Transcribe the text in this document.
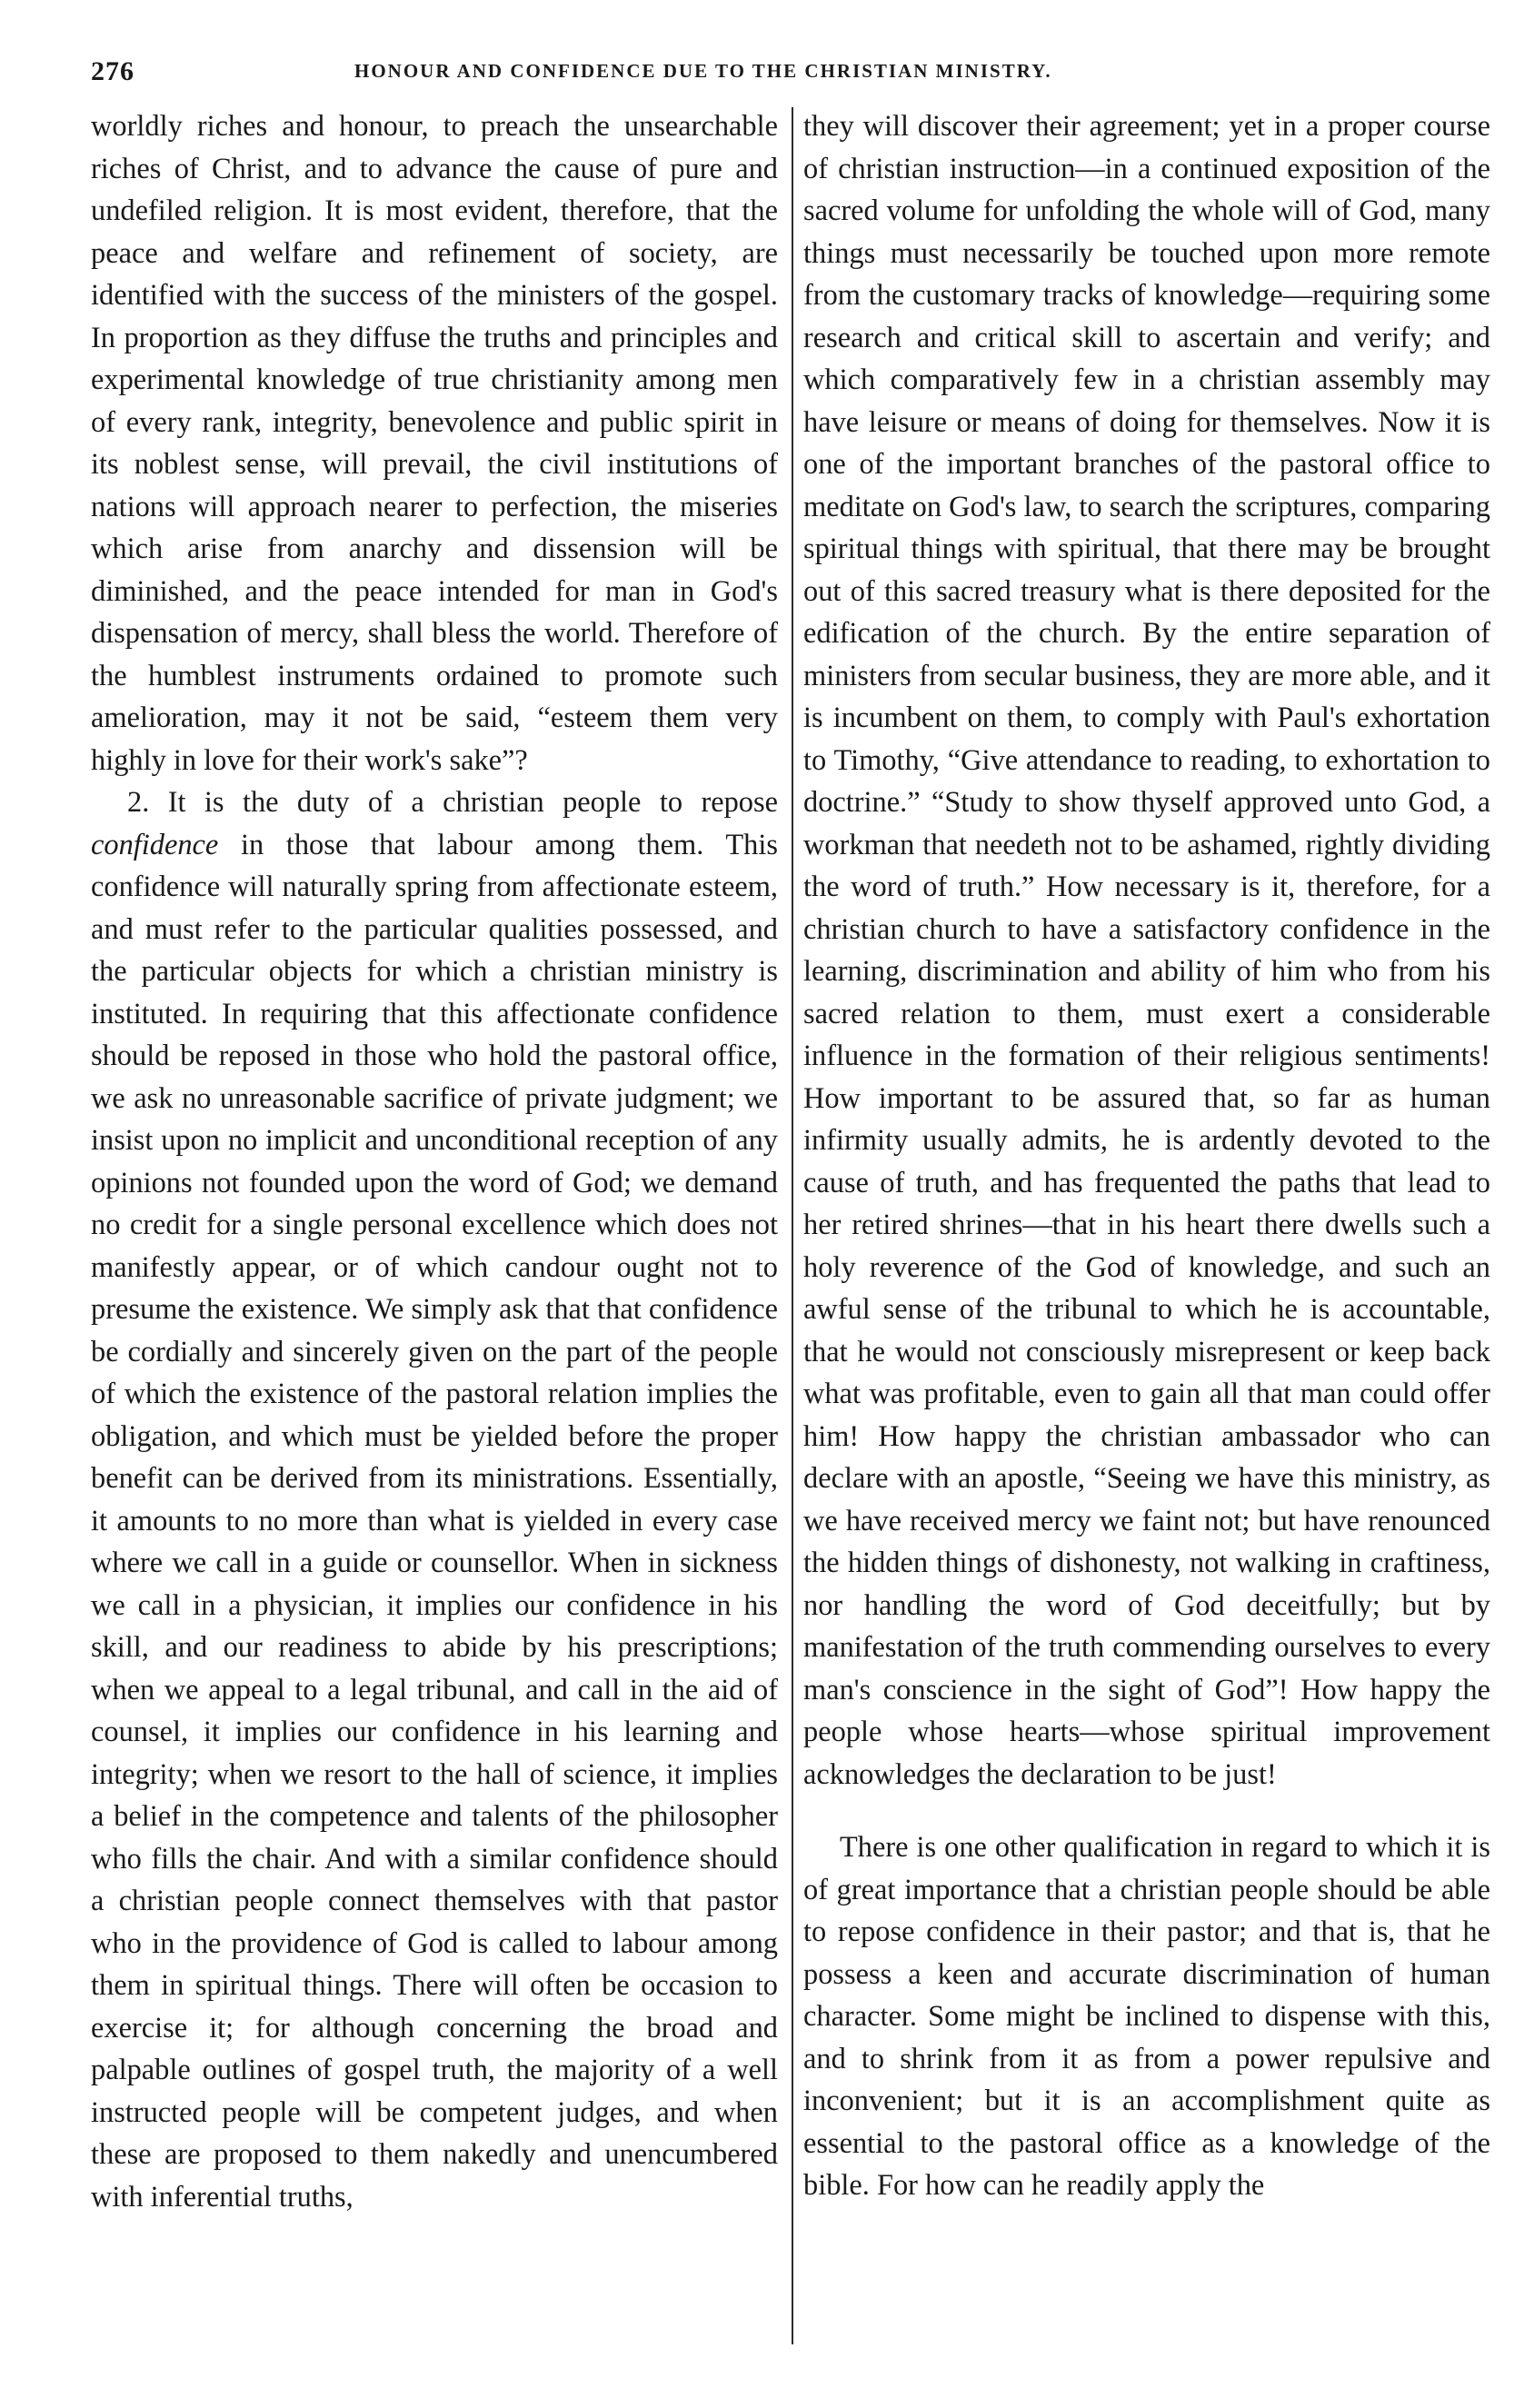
276	HONOUR AND CONFIDENCE DUE TO THE CHRISTIAN MINISTRY.

worldly riches and honour, to preach the unsearchable riches of Christ, and to advance the cause of pure and undefiled religion. It is most evident, therefore, that the peace and welfare and refinement of society, are identified with the success of the ministers of the gospel. In proportion as they diffuse the truths and principles and experimental knowledge of true christianity among men of every rank, integrity, benevolence and public spirit in its noblest sense, will prevail, the civil institutions of nations will approach nearer to perfection, the miseries which arise from anarchy and dissension will be diminished, and the peace intended for man in God's dispensation of mercy, shall bless the world. Therefore of the humblest instruments ordained to promote such amelioration, may it not be said, “esteem them very highly in love for their work's sake”?

2. It is the duty of a christian people to repose confidence in those that labour among them. This confidence will naturally spring from affectionate esteem, and must refer to the particular qualities possessed, and the particular objects for which a christian ministry is instituted. In requiring that this affectionate confidence should be reposed in those who hold the pastoral office, we ask no unreasonable sacrifice of private judgment; we insist upon no implicit and unconditional reception of any opinions not founded upon the word of God; we demand no credit for a single personal excellence which does not manifestly appear, or of which candour ought not to presume the existence. We simply ask that that confidence be cordially and sincerely given on the part of the people of which the existence of the pastoral relation implies the obligation, and which must be yielded before the proper benefit can be derived from its ministrations. Essentially, it amounts to no more than what is yielded in every case where we call in a guide or counsellor. When in sickness we call in a physician, it implies our confidence in his skill, and our readiness to abide by his prescriptions; when we appeal to a legal tribunal, and call in the aid of counsel, it implies our confidence in his learning and integrity; when we resort to the hall of science, it implies a belief in the competence and talents of the philosopher who fills the chair. And with a similar confidence should a christian people connect themselves with that pastor who in the providence of God is called to labour among them in spiritual things. There will often be occasion to exercise it; for although concerning the broad and palpable outlines of gospel truth, the majority of a well instructed people will be competent judges, and when these are proposed to them nakedly and unencumbered with inferential truths,

they will discover their agreement; yet in a proper course of christian instruction—in a continued exposition of the sacred volume for unfolding the whole will of God, many things must necessarily be touched upon more remote from the customary tracks of knowledge—requiring some research and critical skill to ascertain and verify; and which comparatively few in a christian assembly may have leisure or means of doing for themselves. Now it is one of the important branches of the pastoral office to meditate on God's law, to search the scriptures, comparing spiritual things with spiritual, that there may be brought out of this sacred treasury what is there deposited for the edification of the church. By the entire separation of ministers from secular business, they are more able, and it is incumbent on them, to comply with Paul's exhortation to Timothy, “Give attendance to reading, to exhortation to doctrine.” “Study to show thyself approved unto God, a workman that needeth not to be ashamed, rightly dividing the word of truth.” How necessary is it, therefore, for a christian church to have a satisfactory confidence in the learning, discrimination and ability of him who from his sacred relation to them, must exert a considerable influence in the formation of their religious sentiments! How important to be assured that, so far as human infirmity usually admits, he is ardently devoted to the cause of truth, and has frequented the paths that lead to her retired shrines—that in his heart there dwells such a holy reverence of the God of knowledge, and such an awful sense of the tribunal to which he is accountable, that he would not consciously misrepresent or keep back what was profitable, even to gain all that man could offer him! How happy the christian ambassador who can declare with an apostle, “Seeing we have this ministry, as we have received mercy we faint not; but have renounced the hidden things of dishonesty, not walking in craftiness, nor handling the word of God deceitfully; but by manifestation of the truth commending ourselves to every man's conscience in the sight of God”! How happy the people whose hearts—whose spiritual improvement acknowledges the declaration to be just!

There is one other qualification in regard to which it is of great importance that a christian people should be able to repose confidence in their pastor; and that is, that he possess a keen and accurate discrimination of human character. Some might be inclined to dispense with this, and to shrink from it as from a power repulsive and inconvenient; but it is an accomplishment quite as essential to the pastoral office as a knowledge of the bible. For how can he readily apply the
